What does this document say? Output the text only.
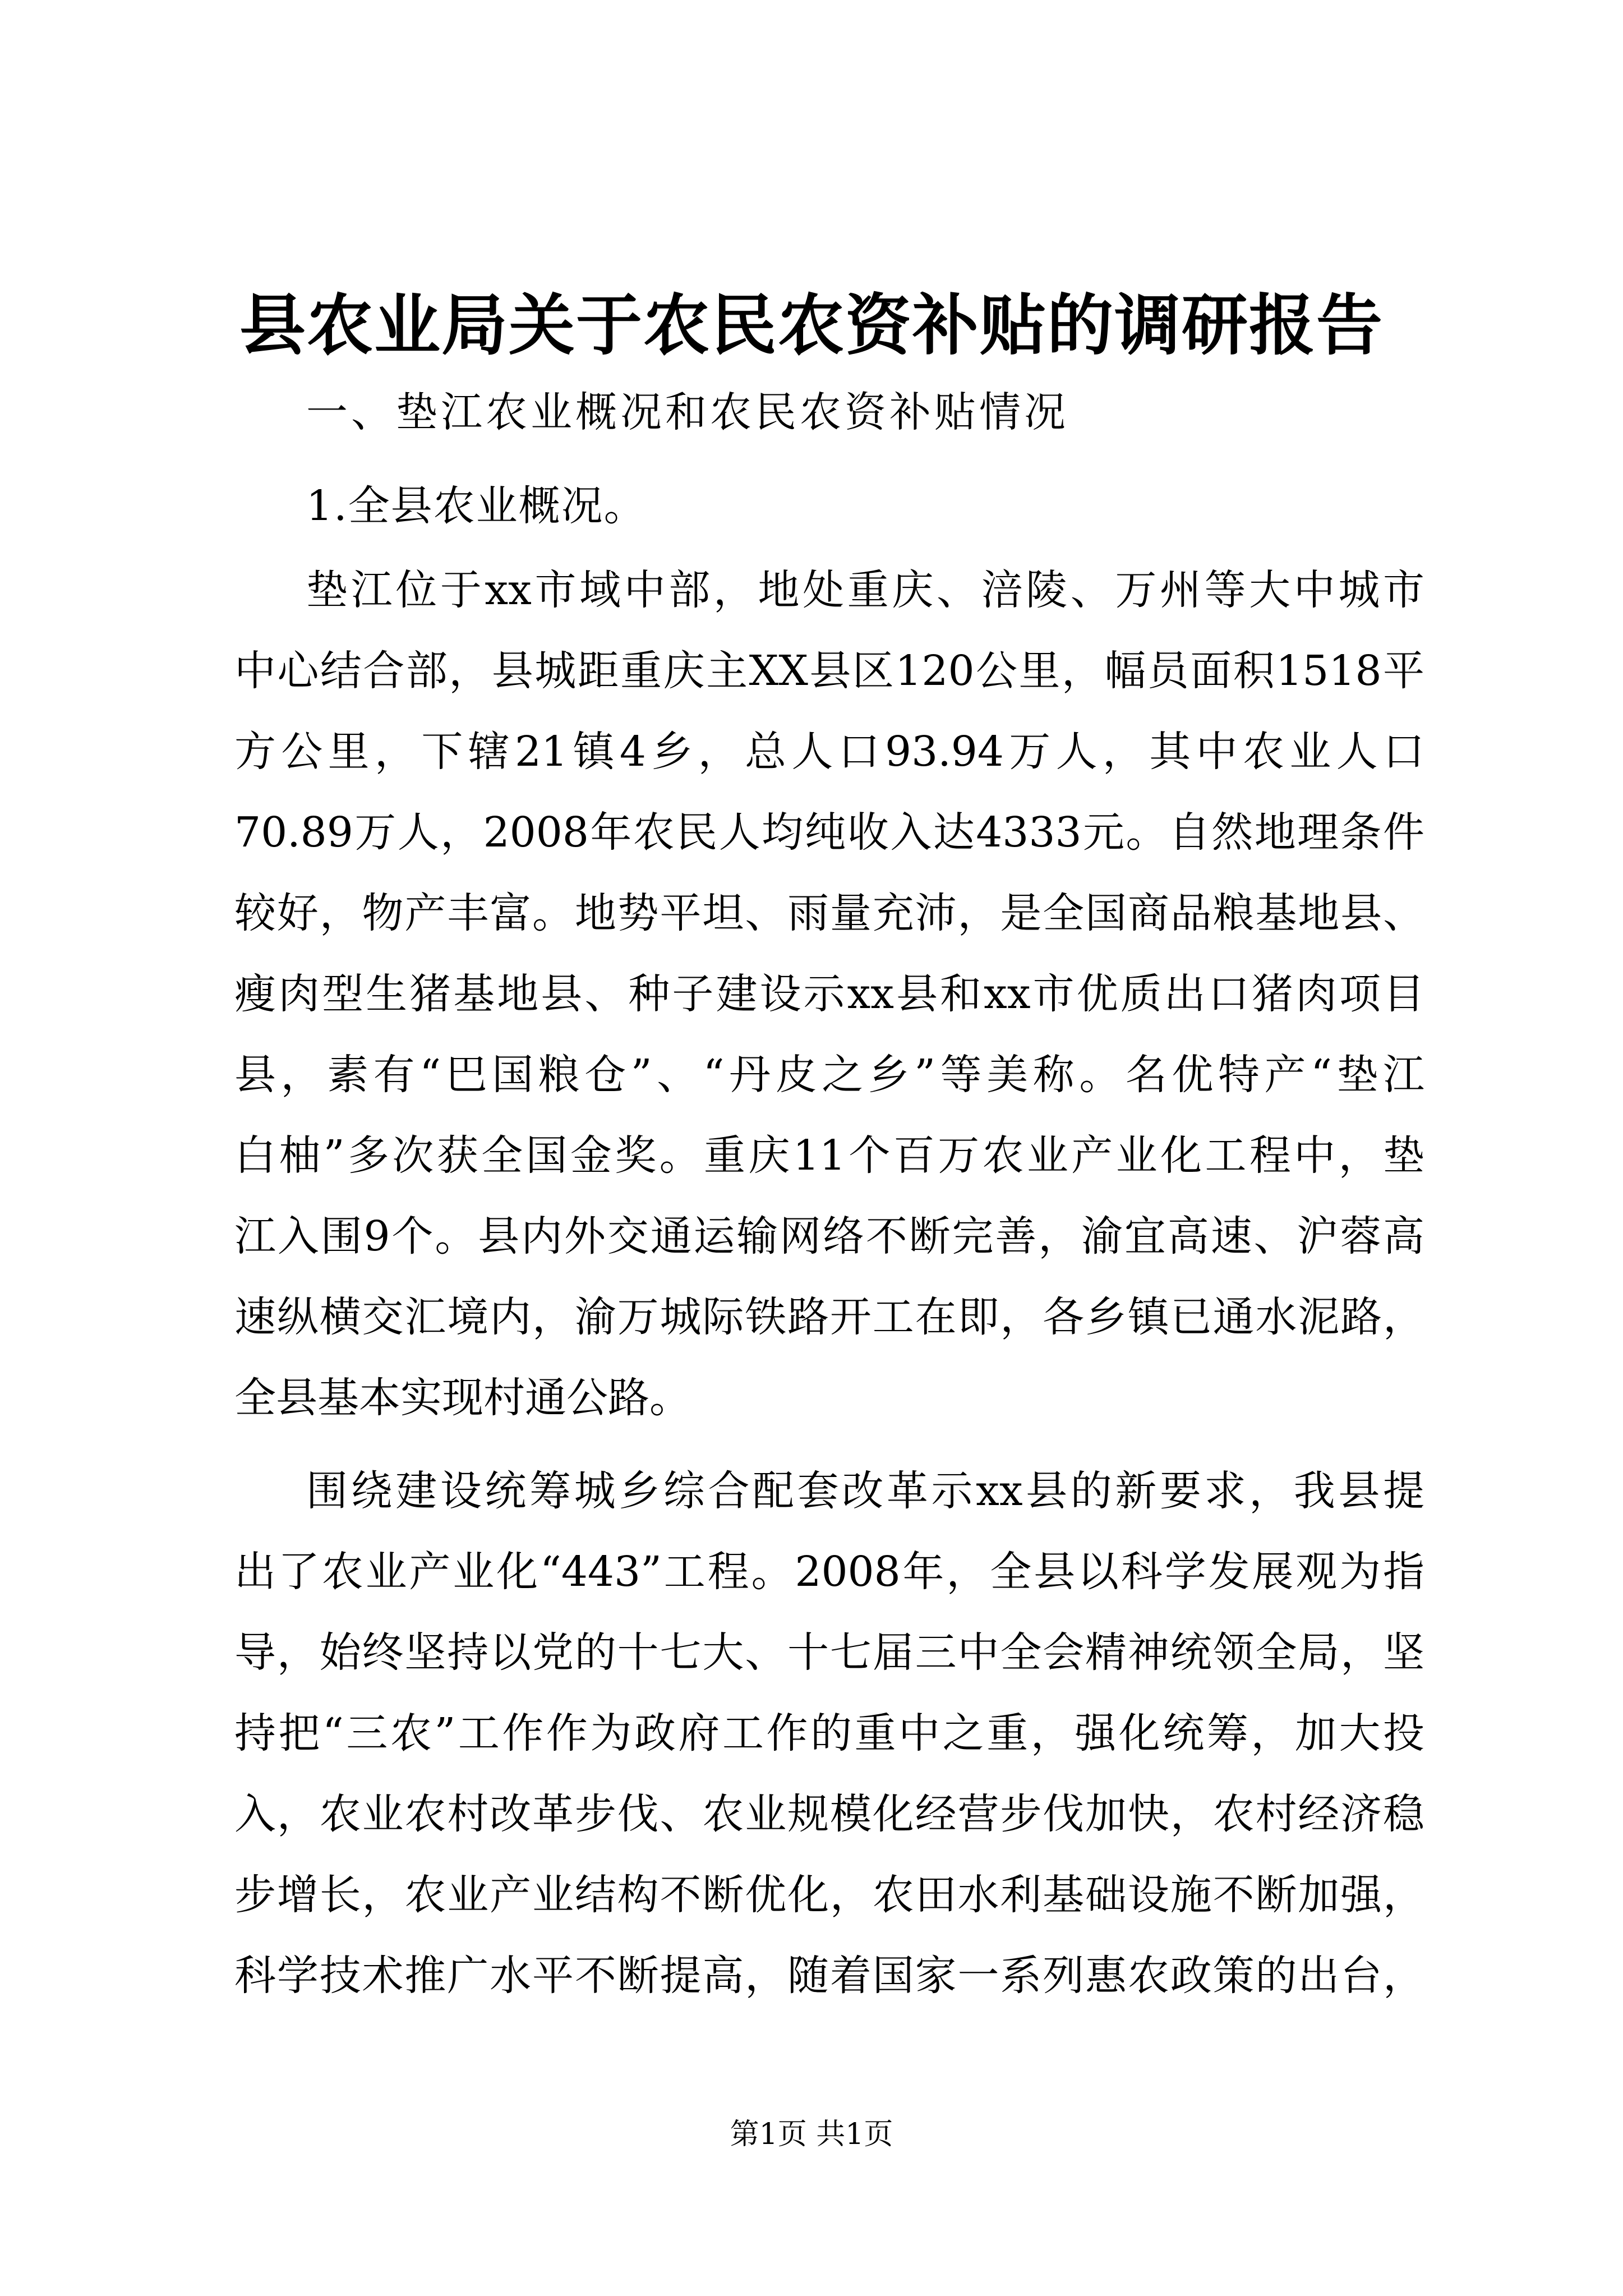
县农业局关于农民农资补贴的调研报告

一、垫江农业概况和农民农资补贴情况

1.全县农业概况。

垫江位于xx市域中部，地处重庆、涪陵、万州等大中城市
中心结合部，县城距重庆主XX县区120公里，幅员面积1518平
方公里，下辖21镇4乡，总人口93.94万人，其中农业人口
70.89万人，2008年农民人均纯收入达4333元。自然地理条件
较好，物产丰富。地势平坦、雨量充沛，是全国商品粮基地县、
瘦肉型生猪基地县、种子建设示xx县和xx市优质出口猪肉项目
县，素有“巴国粮仓”、“丹皮之乡”等美称。名优特产“垫江
白柚”多次获全国金奖。重庆11个百万农业产业化工程中，垫
江入围9个。县内外交通运输网络不断完善，渝宜高速、沪蓉高
速纵横交汇境内，渝万城际铁路开工在即，各乡镇已通水泥路，
全县基本实现村通公路。
围绕建设统筹城乡综合配套改革示xx县的新要求，我县提
出了农业产业化“443”工程。2008年，全县以科学发展观为指
导，始终坚持以党的十七大、十七届三中全会精神统领全局，坚
持把“三农”工作作为政府工作的重中之重，强化统筹，加大投
入，农业农村改革步伐、农业规模化经营步伐加快，农村经济稳
步增长，农业产业结构不断优化，农田水利基础设施不断加强，
科学技术推广水平不断提高，随着国家一系列惠农政策的出台，
第1页 共1页
